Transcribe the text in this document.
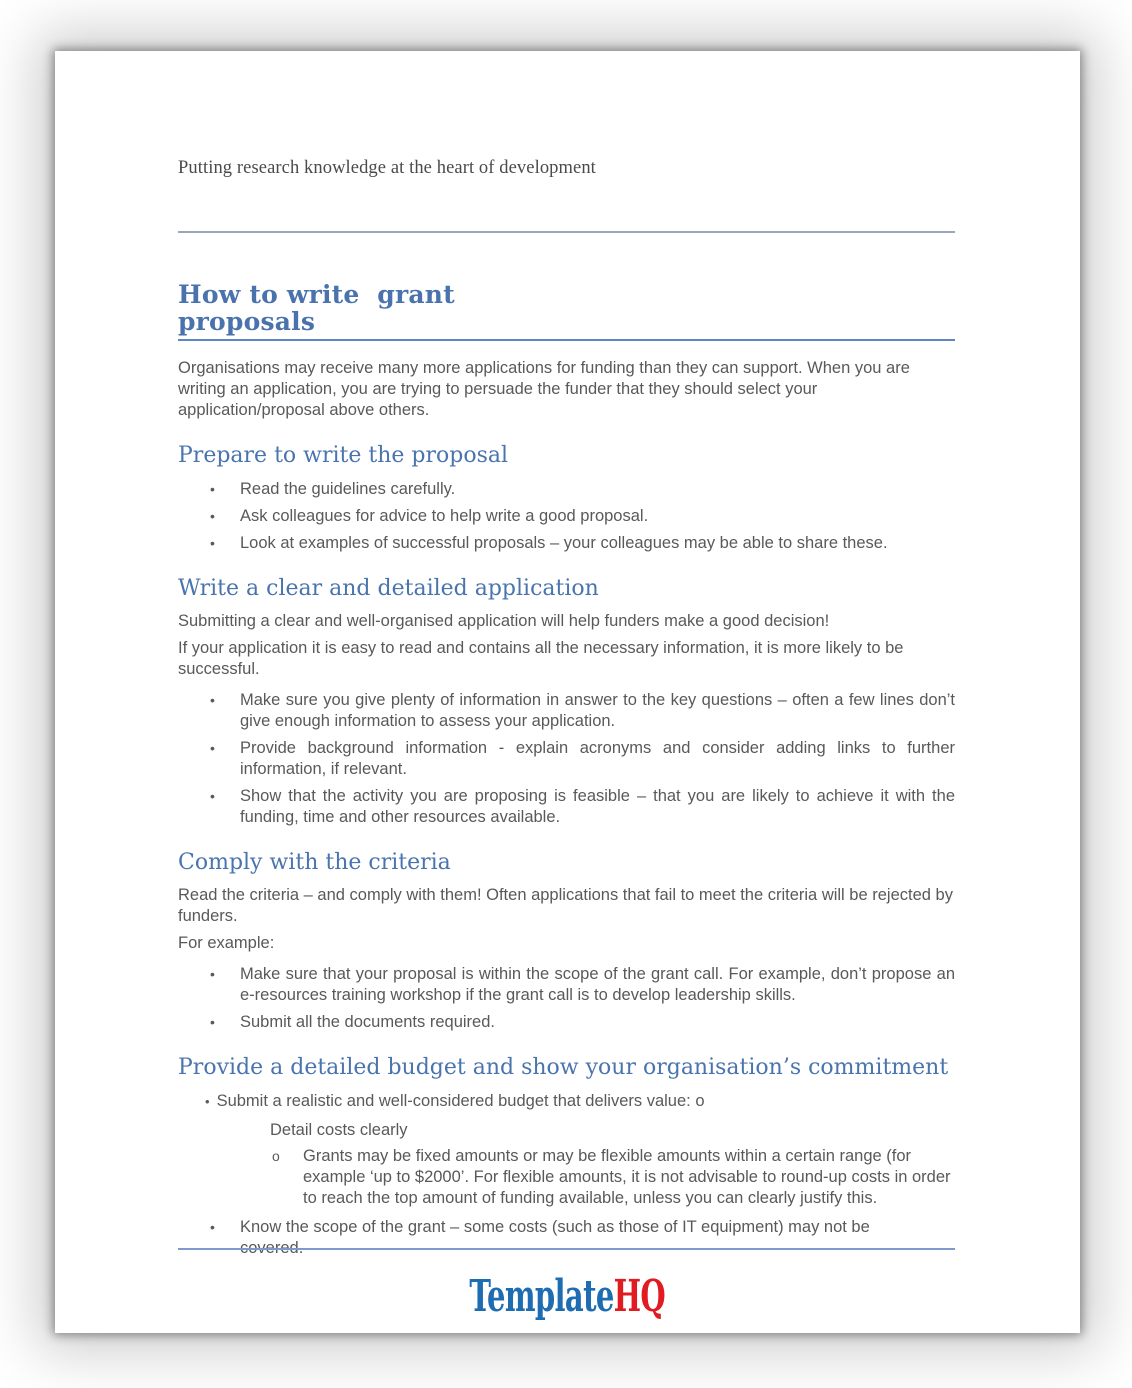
Putting research knowledge at the heart of development
How to write  grant
proposals
Organisations may receive many more applications for funding than they can support. When you are writing an application, you are trying to persuade the funder that they should select your application/proposal above others.
Prepare to write the proposal
•	Read the guidelines carefully.
•	Ask colleagues for advice to help write a good proposal.
•	Look at examples of successful proposals – your colleagues may be able to share these.
Write a clear and detailed application
Submitting a clear and well-organised application will help funders make a good decision!
If your application it is easy to read and contains all the necessary information, it is more likely to be successful.
•	Make sure you give plenty of information in answer to the key questions – often a few lines don’t give enough information to assess your application.
•	Provide background information - explain acronyms and consider adding links to further information, if relevant.
•	Show that the activity you are proposing is feasible – that you are likely to achieve it with the funding, time and other resources available.
Comply with the criteria
Read the criteria – and comply with them! Often applications that fail to meet the criteria will be rejected by funders.
For example:
•	Make sure that your proposal is within the scope of the grant call. For example, don’t propose an e-resources training workshop if the grant call is to develop leadership skills.
•	Submit all the documents required.
Provide a detailed budget and show your organisation’s commitment
• Submit a realistic and well-considered budget that delivers value: o
Detail costs clearly
o	Grants may be fixed amounts or may be flexible amounts within a certain range (for example ‘up to $2000’. For flexible amounts, it is not advisable to round-up costs in order to reach the top amount of funding available, unless you can clearly justify this.
•	Know the scope of the grant – some costs (such as those of IT equipment) may not be covered.
TemplateHQ
